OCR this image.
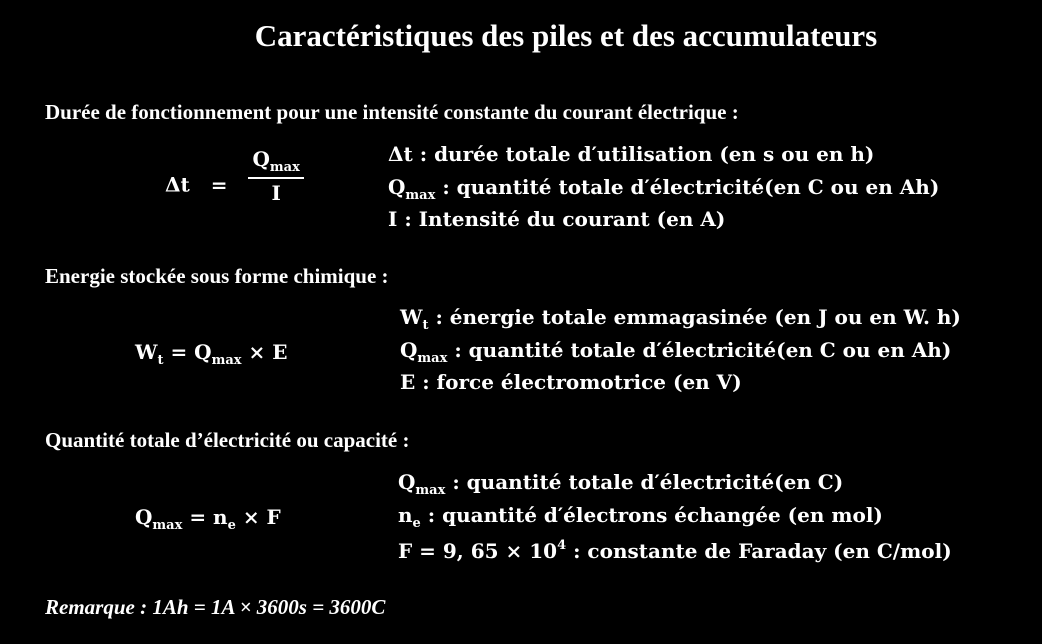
Caractéristiques des piles et des accumulateurs
Durée de fonctionnement pour une intensité constante du courant électrique :
$\Delta t = \frac{Q_{max}}{I}$	Δt : durée totale d′utilisation (en s ou en h)
$Q_{max}$ : quantité totale d′électricité(en C ou en Ah)
I : Intensité du courant (en A)
Energie stockée sous forme chimique :
$W_t = Q_{max} \times E$
$W_t$ : énergie totale emmagasinée (en J ou en W. h)
$Q_{max}$ : quantité totale d′électricité(en C ou en Ah)
E : force électromotrice (en V)
Quantité totale d’électricité ou capacité :
$Q_{max} = n_e \times F$
$Q_{max}$ : quantité totale d′électricité(en C)
$n_e$ : quantité d′électrons échangée (en mol)
F = 9, $65 \times 10^4$ : constante de Faraday (en C/mol)
Remarque : 1Ah = 1A × 3600s = 3600C
